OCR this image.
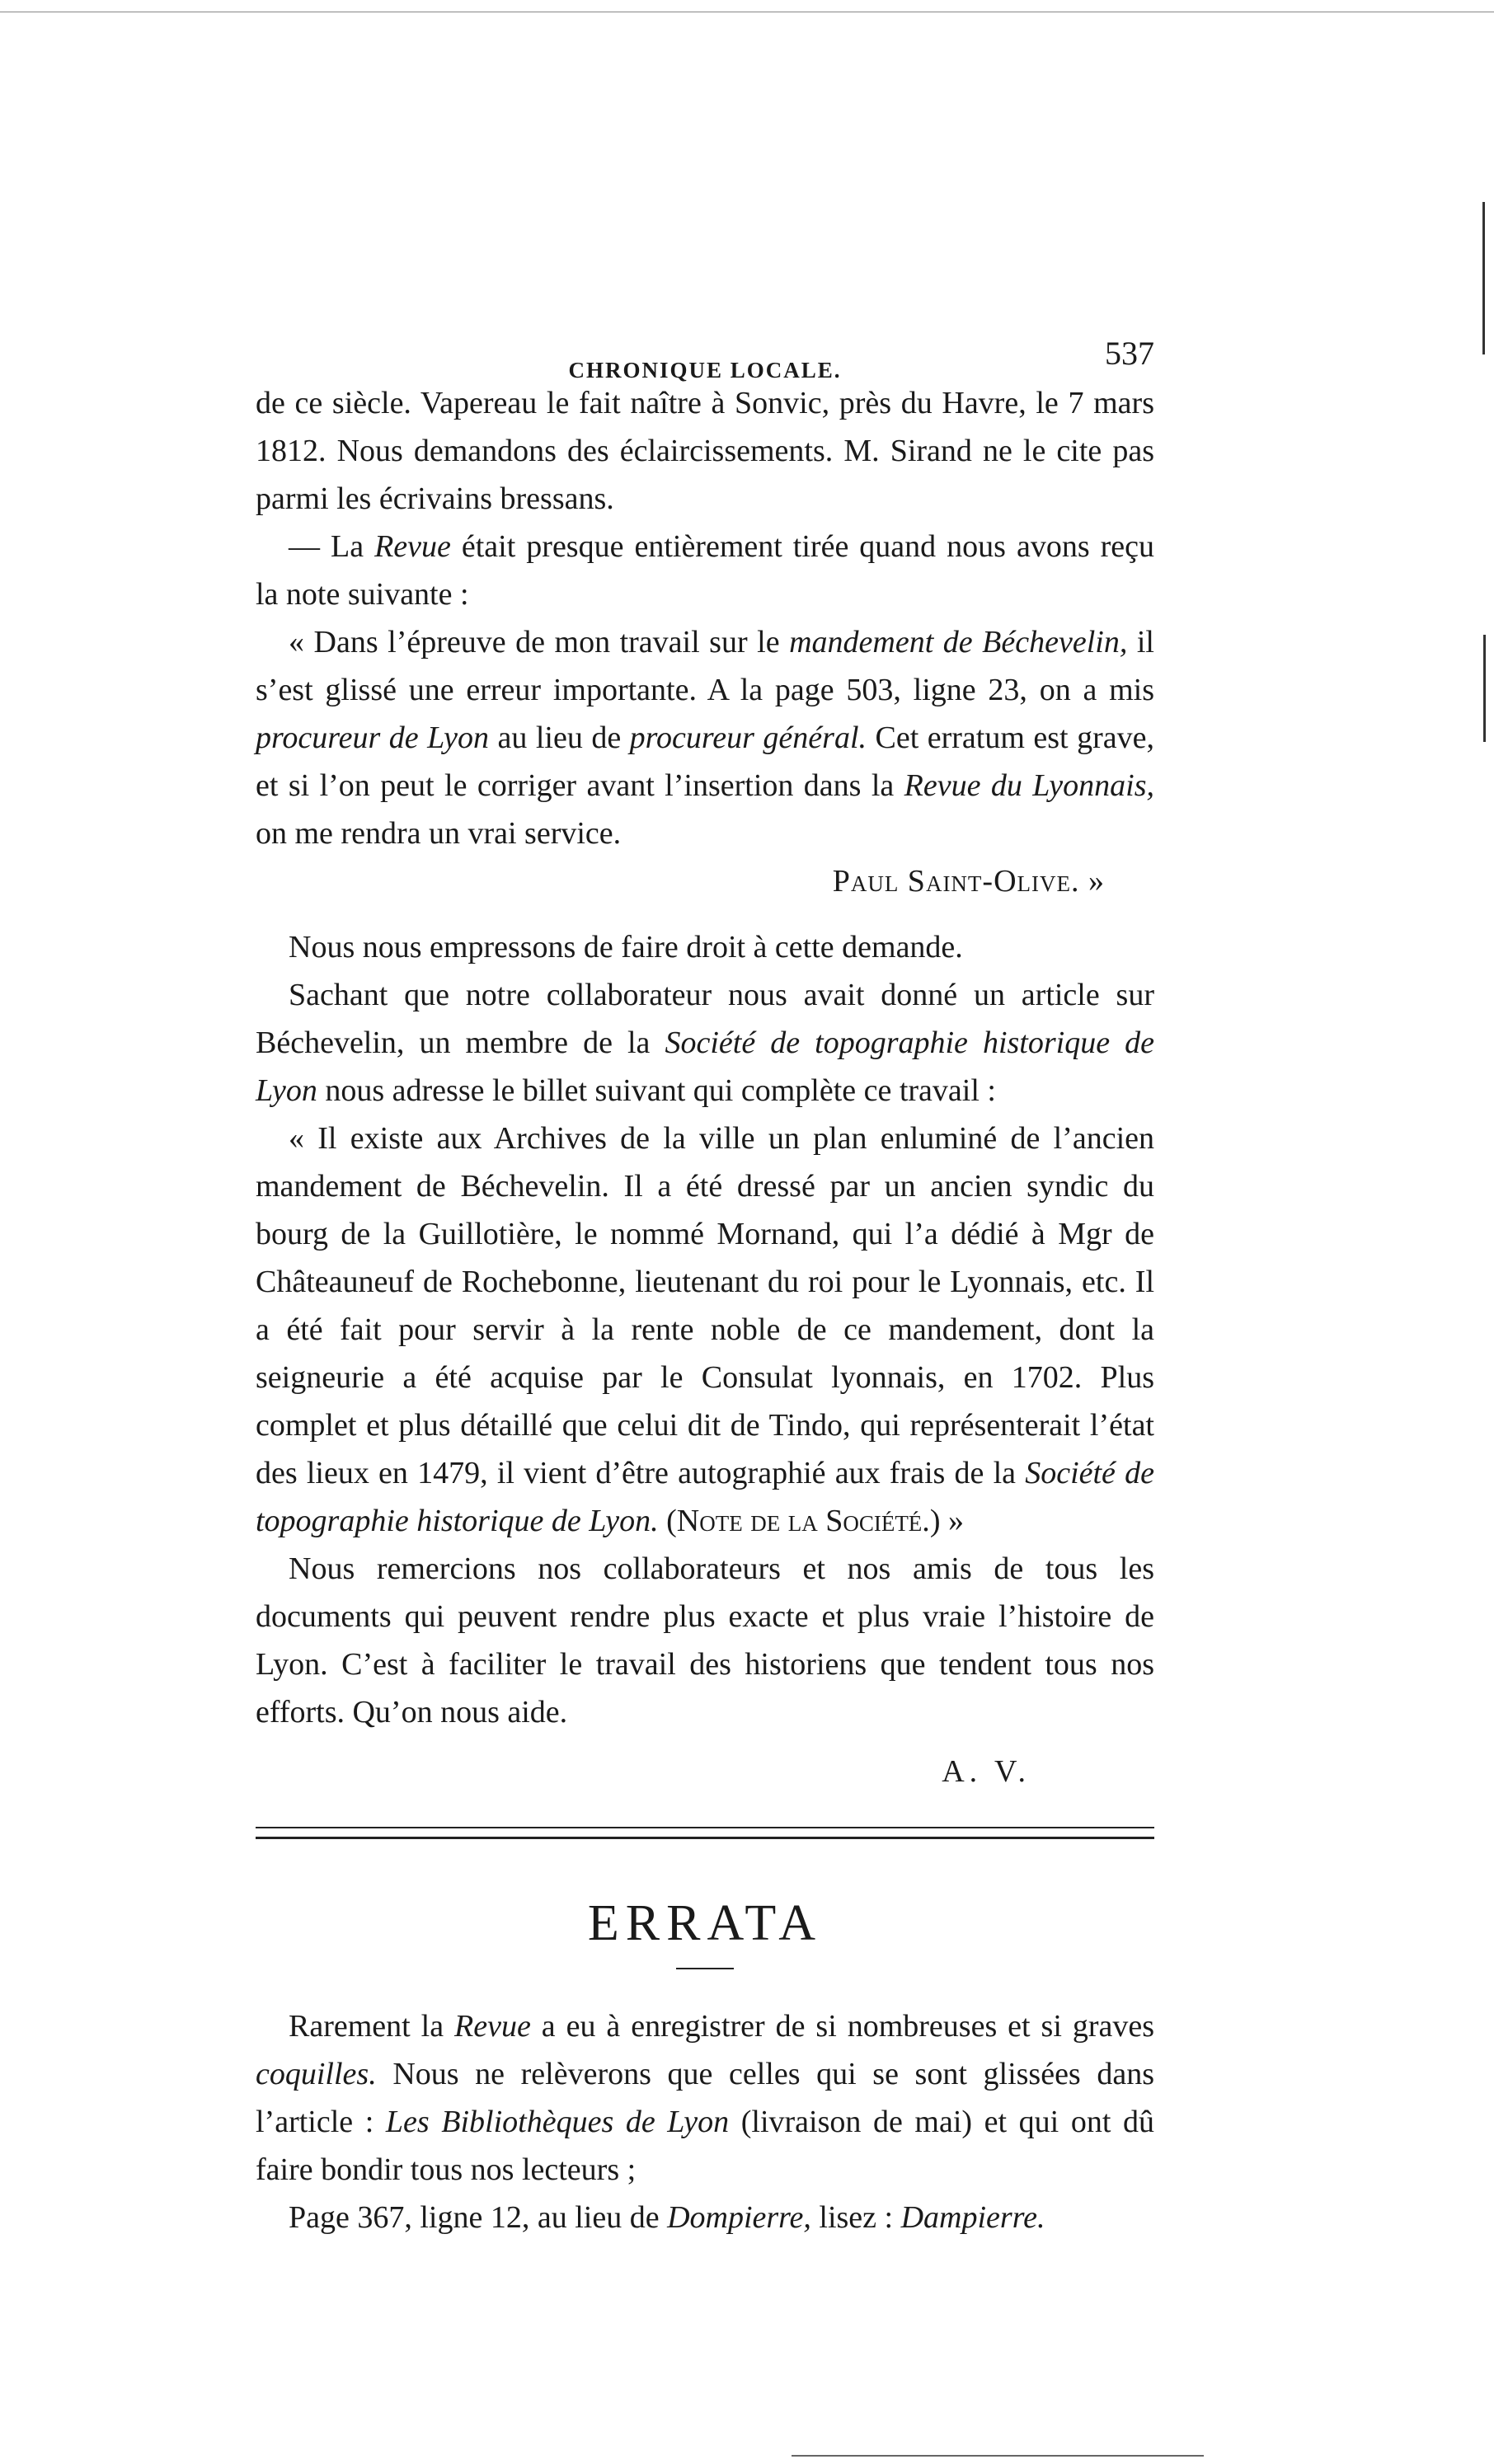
CHRONIQUE LOCALE.	537

de ce siècle. Vapereau le fait naître à Sonvic, près du Havre, le 7 mars 1812. Nous demandons des éclaircissements. M. Sirand ne le cite pas parmi les écrivains bressans.

— La Revue était presque entièrement tirée quand nous avons reçu la note suivante :

« Dans l’épreuve de mon travail sur le mandement de Béchevelin, il s’est glissé une erreur importante. A la page 503, ligne 23, on a mis procureur de Lyon au lieu de procureur général. Cet erratum est grave, et si l’on peut le corriger avant l’insertion dans la Revue du Lyonnais, on me rendra un vrai service.

Paul Saint-Olive. »

Nous nous empressons de faire droit à cette demande.

Sachant que notre collaborateur nous avait donné un article sur Béchevelin, un membre de la Société de topographie historique de Lyon nous adresse le billet suivant qui complète ce travail :

« Il existe aux Archives de la ville un plan enluminé de l’ancien mandement de Béchevelin. Il a été dressé par un ancien syndic du bourg de la Guillotière, le nommé Mornand, qui l’a dédié à Mgr de Châteauneuf de Rochebonne, lieutenant du roi pour le Lyonnais, etc. Il a été fait pour servir à la rente noble de ce mandement, dont la seigneurie a été acquise par le Consulat lyonnais, en 1702. Plus complet et plus détaillé que celui dit de Tindo, qui représenterait l’état des lieux en 1479, il vient d’être autographié aux frais de la Société de topographie historique de Lyon. (Note de la Société.) »

Nous remercions nos collaborateurs et nos amis de tous les documents qui peuvent rendre plus exacte et plus vraie l’histoire de Lyon. C’est à faciliter le travail des historiens que tendent tous nos efforts. Qu’on nous aide.

A. V.

ERRATA

Rarement la Revue a eu à enregistrer de si nombreuses et si graves coquilles. Nous ne relèverons que celles qui se sont glissées dans l’article : Les Bibliothèques de Lyon (livraison de mai) et qui ont dû faire bondir tous nos lecteurs ;

Page 367, ligne 12, au lieu de Dompierre, lisez : Dampierre.
